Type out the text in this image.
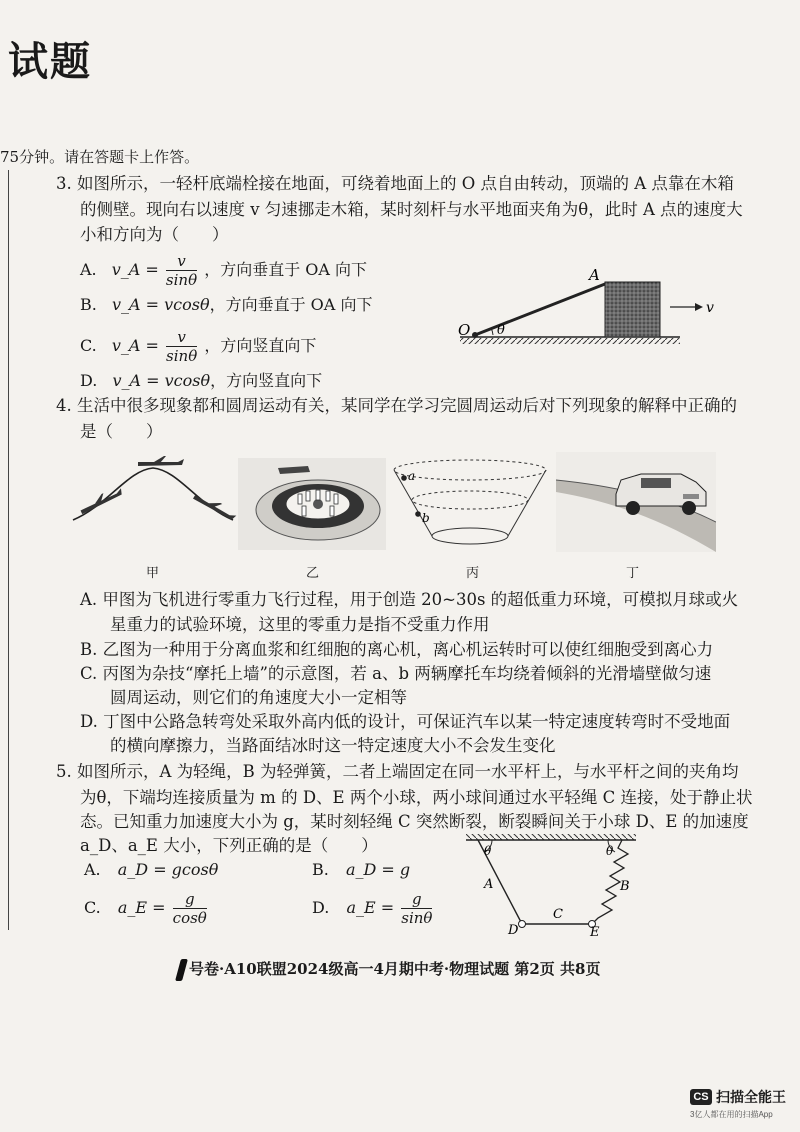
试题
75分钟。请在答题卡上作答。
3. 如图所示，一轻杆底端栓接在地面，可绕着地面上的 O 点自由转动，顶端的 A 点靠在木箱
的侧壁。现向右以速度 v 匀速挪走木箱，某时刻杆与水平地面夹角为θ，此时 A 点的速度大
小和方向为（　　）
A. v_A = $\frac{v}{\sin\theta}$ ，方向垂直于 OA 向下
B. v_A = vcosθ，方向垂直于 OA 向下
C. v_A = $\frac{v}{\sin\theta}$ ，方向竖直向下
D. v_A = vcosθ，方向竖直向下
O
A
θ
v
4. 生活中很多现象都和圆周运动有关，某同学在学习完圆周运动后对下列现象的解释中正确的
是（　　）
甲	乙
a
b
丙	丁
A. 甲图为飞机进行零重力飞行过程，用于创造 20~30s 的超低重力环境，可模拟月球或火
星重力的试验环境，这里的零重力是指不受重力作用
B. 乙图为一种用于分离血浆和红细胞的离心机，离心机运转时可以使红细胞受到离心力
C. 丙图为杂技“摩托上墙”的示意图，若 a、b 两辆摩托车均绕着倾斜的光滑墙壁做匀速
圆周运动，则它们的角速度大小一定相等
D. 丁图中公路急转弯处采取外高内低的设计，可保证汽车以某一特定速度转弯时不受地面
的横向摩擦力，当路面结冰时这一特定速度大小不会发生变化
5. 如图所示，A 为轻绳，B 为轻弹簧，二者上端固定在同一水平杆上，与水平杆之间的夹角均
为θ，下端均连接质量为 m 的 D、E 两个小球，两小球间通过水平轻绳 C 连接，处于静止状
态。已知重力加速度大小为 g，某时刻轻绳 C 突然断裂，断裂瞬间关于小球 D、E 的加速度
a_D、a_E 大小，下列正确的是（　　）
A. a_D = gcosθ	B. a_D = g
C. a_E = $\frac{g}{\cos\theta}$	D. a_E = $\frac{g}{\sin\theta}$
θ	θ
A	B
C
D	E
号卷·A10联盟2024级高一4月期中考·物理试题 第2页 共8页
CS 扫描全能王
3亿人都在用的扫描App
